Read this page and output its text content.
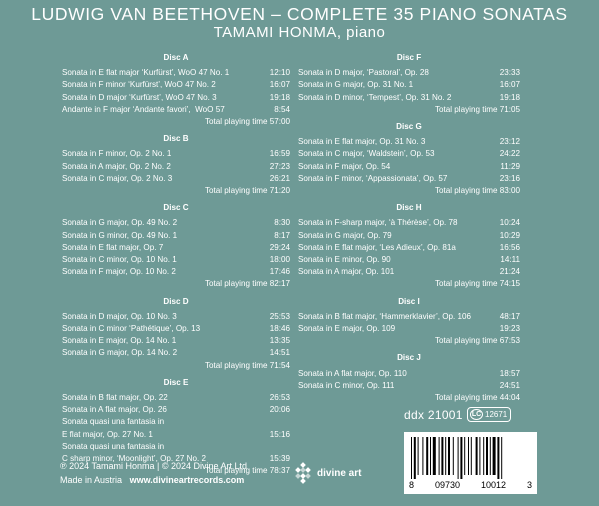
LUDWIG VAN BEETHOVEN – COMPLETE 35 PIANO SONATAS
TAMAMI HONMA, piano
Disc A
Sonata in E flat major ‘Kurfürst’, WoO 47 No. 1	12:10
Sonata in F minor ‘Kurfürst’, WoO 47 No. 2	16:07
Sonata in D major ‘Kurfürst’, WoO 47 No. 3	19:18
Andante in F major ‘Andante favori’,  WoO 57	8:54
Total playing time 57:00
Disc B
Sonata in F minor, Op. 2 No. 1	16:59
Sonata in A major, Op. 2 No. 2	27:23
Sonata in C major, Op. 2 No. 3	26:21
Total playing time 71:20
Disc C
Sonata in G major, Op. 49 No. 2	8:30
Sonata in G minor, Op. 49 No. 1	8:17
Sonata in E flat major, Op. 7	29:24
Sonata in C minor, Op. 10 No. 1	18:00
Sonata in F major, Op. 10 No. 2	17:46
Total playing time 82:17
Disc D
Sonata in D major, Op. 10 No. 3	25:53
Sonata in C minor ‘Pathétique’, Op. 13	18:46
Sonata in E major, Op. 14 No. 1	13:35
Sonata in G major, Op. 14 No. 2	14:51
Total playing time 71:54
Disc E
Sonata in B flat major, Op. 22	26:53
Sonata in A flat major, Op. 26	20:06
Sonata quasi una fantasia in
E flat major, Op. 27 No. 1	15:16
Sonata quasi una fantasia in
C sharp minor, ‘Moonlight’, Op. 27 No. 2	15:39
Total playing time 78:37
Disc F
Sonata in D major, ‘Pastoral’, Op. 28	23:33
Sonata in G major, Op. 31 No. 1	16:07
Sonata in D minor, ‘Tempest’, Op. 31 No. 2	19:18
Total playing time 71:05
Disc G
Sonata in E flat major, Op. 31 No. 3	23:12
Sonata in C major, ‘Waldstein’, Op. 53	24:22
Sonata in F major, Op. 54	11:29
Sonata in F minor, ‘Appassionata’, Op. 57	23:16
Total playing time 83:00
Disc H
Sonata in F-sharp major, ‘à Thérèse’, Op. 78	10:24
Sonata in G major, Op. 79	10:29
Sonata in E flat major, ‘Les Adieux’, Op. 81a	16:56
Sonata in E minor, Op. 90	14:11
Sonata in A major, Op. 101	21:24
Total playing time 74:15
Disc I
Sonata in B flat major, ‘Hammerklavier’, Op. 106	48:17
Sonata in E major, Op. 109	19:23
Total playing time 67:53
Disc J
Sonata in A flat major, Op. 110	18:57
Sonata in C minor, Op. 111	24:51
Total playing time 44:04
ddx 21001 LC 12671
℗ 2024 Tamami Honma | © 2024 Divine Art Ltd
Made in Austria www.divineartrecords.com
divine art
8 09730 10012 3
